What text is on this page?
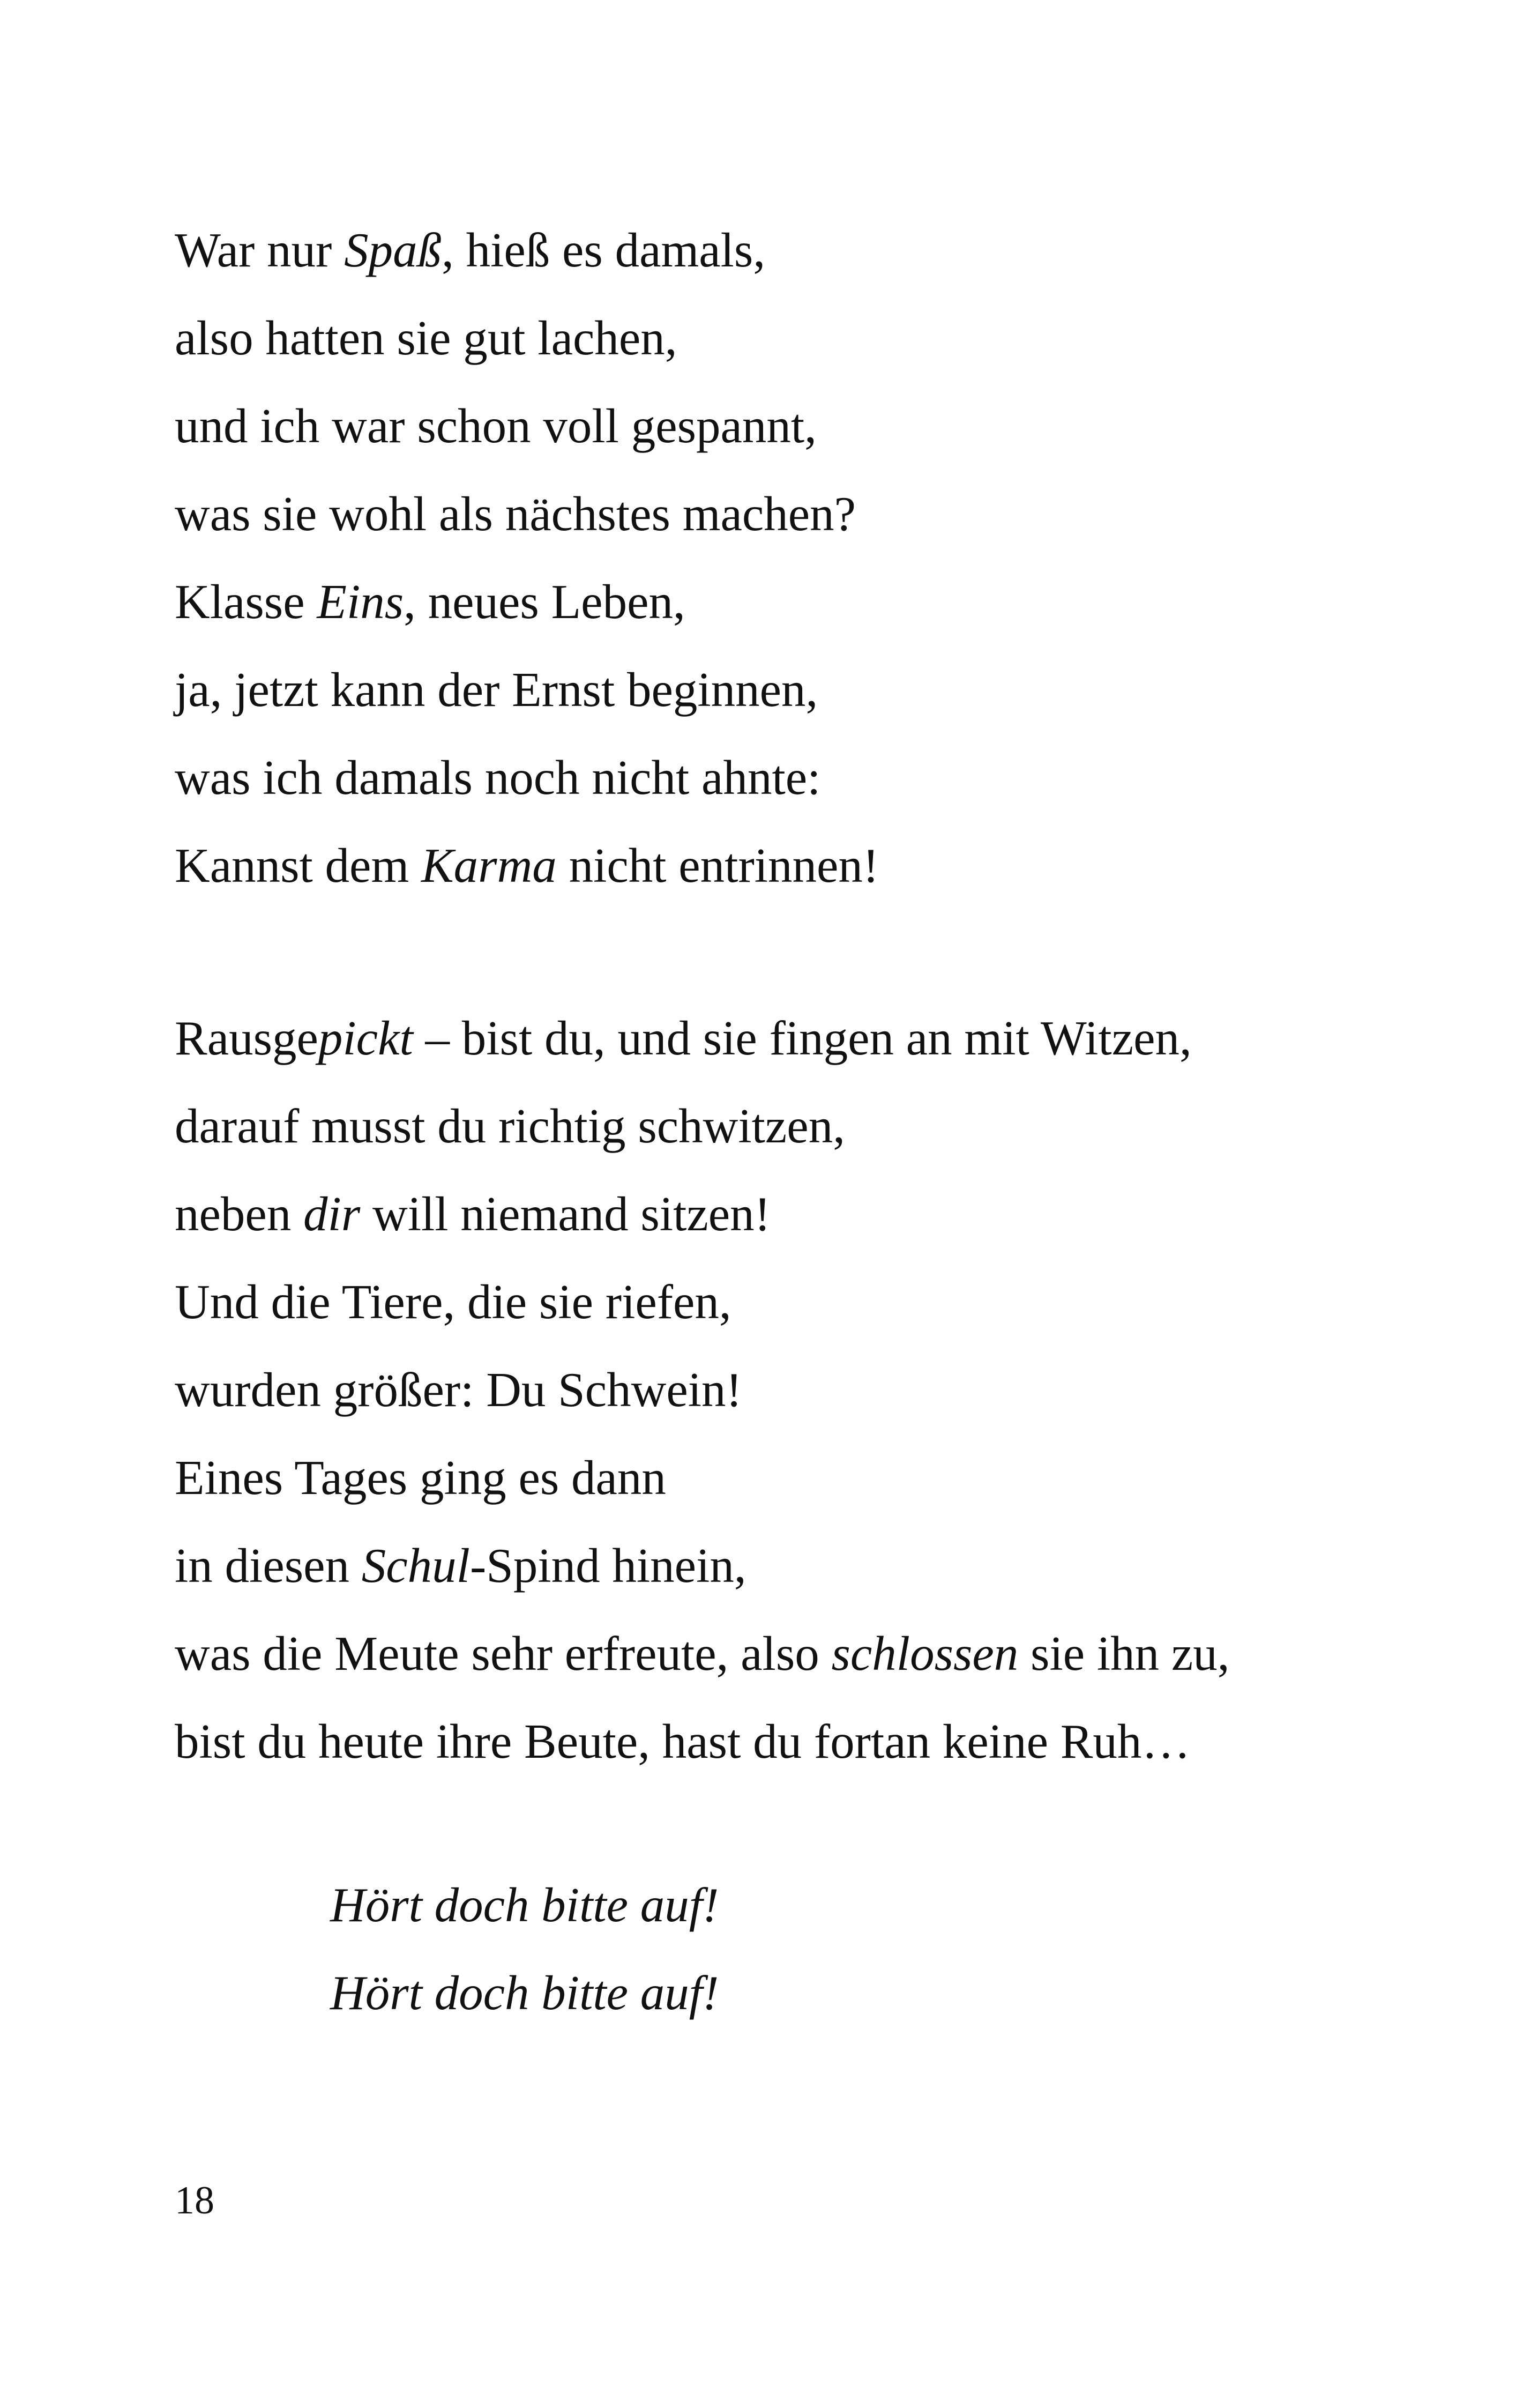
War nur Spaß, hieß es damals,
also hatten sie gut lachen,
und ich war schon voll gespannt,
was sie wohl als nächstes machen?
Klasse Eins, neues Leben,
ja, jetzt kann der Ernst beginnen,
was ich damals noch nicht ahnte:
Kannst dem Karma nicht entrinnen!
Rausgepickt – bist du, und sie fingen an mit Witzen,
darauf musst du richtig schwitzen,
neben dir will niemand sitzen!
Und die Tiere, die sie riefen,
wurden größer: Du Schwein!
Eines Tages ging es dann
in diesen Schul-Spind hinein,
was die Meute sehr erfreute, also schlossen sie ihn zu,
bist du heute ihre Beute, hast du fortan keine Ruh…
Hört doch bitte auf!
Hört doch bitte auf!
18
